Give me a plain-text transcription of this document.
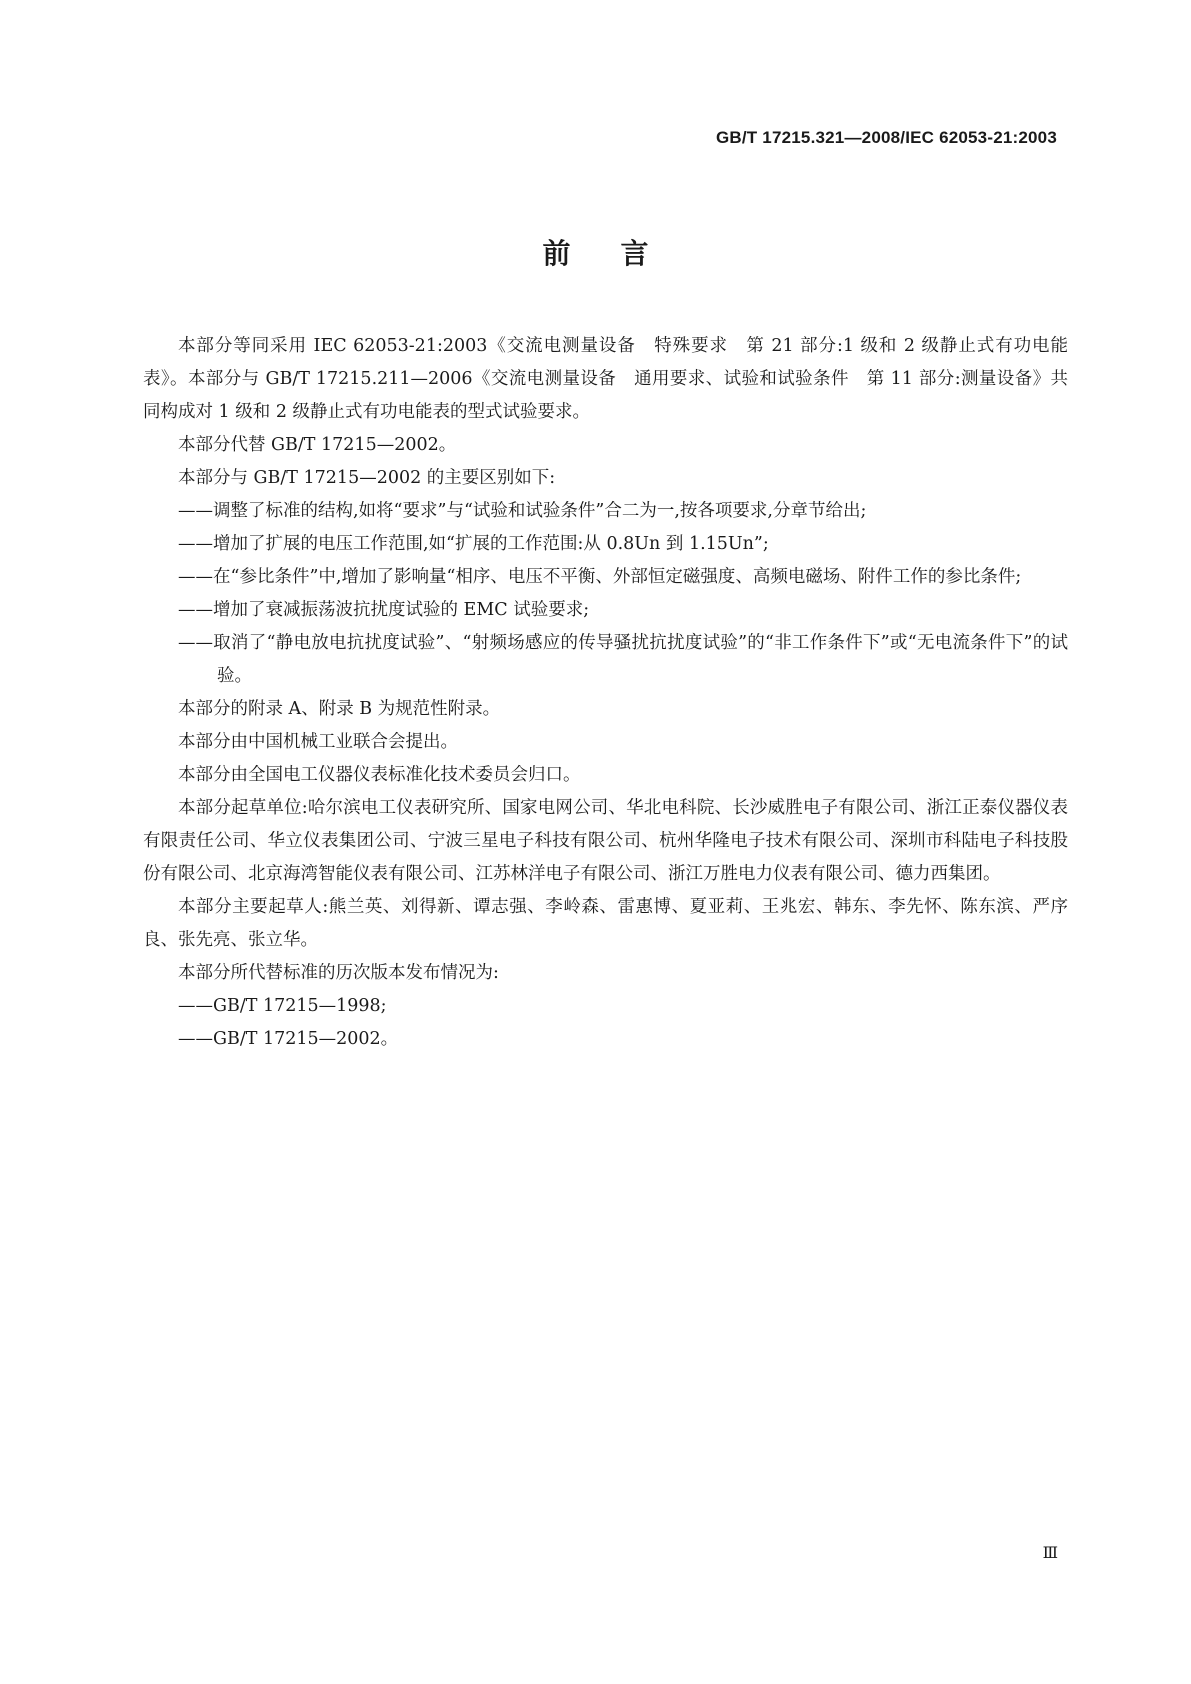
GB/T 17215.321—2008/IEC 62053-21:2003
前言

本部分等同采用 IEC 62053-21:2003《交流电测量设备　特殊要求　第 21 部分:1 级和 2 级静止式有功电能表》。本部分与 GB/T 17215.211—2006《交流电测量设备　通用要求、试验和试验条件　第 11 部分:测量设备》共同构成对 1 级和 2 级静止式有功电能表的型式试验要求。

本部分代替 GB/T 17215—2002。

本部分与 GB/T 17215—2002 的主要区别如下:

——调整了标准的结构,如将“要求”与“试验和试验条件”合二为一,按各项要求,分章节给出;
——增加了扩展的电压工作范围,如“扩展的工作范围:从 0.8Un 到 1.15Un”;
——在“参比条件”中,增加了影响量“相序、电压不平衡、外部恒定磁强度、高频电磁场、附件工作的参比条件;
——增加了衰减振荡波抗扰度试验的 EMC 试验要求;
——取消了“静电放电抗扰度试验”、“射频场感应的传导骚扰抗扰度试验”的“非工作条件下”或“无电流条件下”的试验。

本部分的附录 A、附录 B 为规范性附录。

本部分由中国机械工业联合会提出。

本部分由全国电工仪器仪表标准化技术委员会归口。

本部分起草单位:哈尔滨电工仪表研究所、国家电网公司、华北电科院、长沙威胜电子有限公司、浙江正泰仪器仪表有限责任公司、华立仪表集团公司、宁波三星电子科技有限公司、杭州华隆电子技术有限公司、深圳市科陆电子科技股份有限公司、北京海湾智能仪表有限公司、江苏林洋电子有限公司、浙江万胜电力仪表有限公司、德力西集团。

本部分主要起草人:熊兰英、刘得新、谭志强、李岭森、雷惠博、夏亚莉、王兆宏、韩东、李先怀、陈东滨、严序良、张先亮、张立华。

本部分所代替标准的历次版本发布情况为:

——GB/T 17215—1998;
——GB/T 17215—2002。
Ⅲ
